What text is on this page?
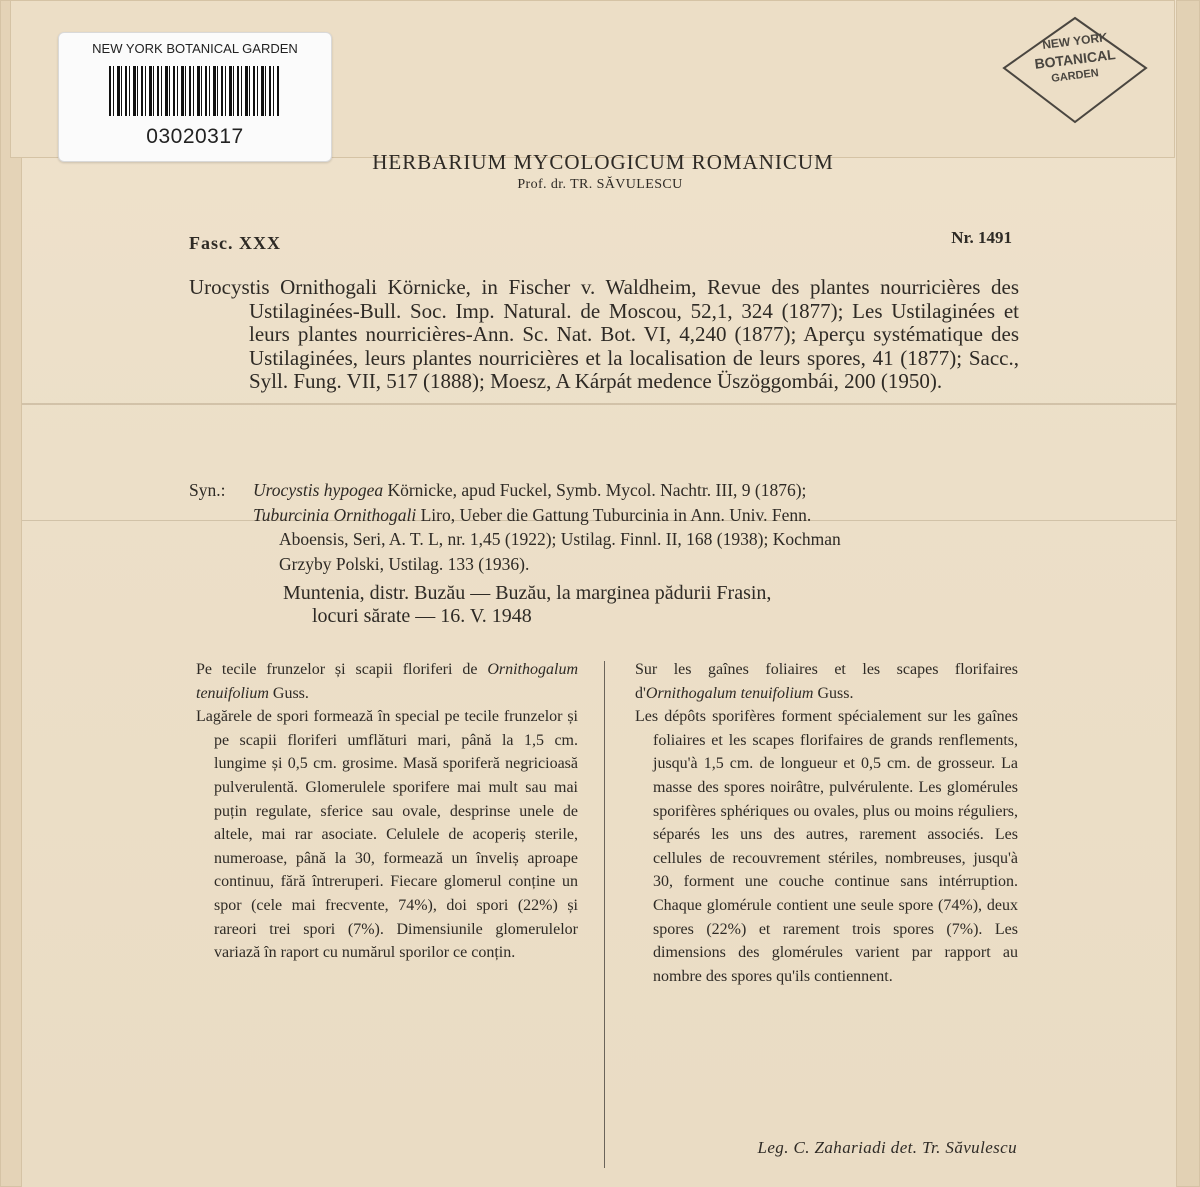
NEW YORK BOTANICAL GARDEN
03020317
NEW YORK
BOTANICAL
GARDEN
HERBARIUM MYCOLOGICUM ROMANICUM
Prof. dr. TR. SĂVULESCU
Fasc. XXX	Nr. 1491
Urocystis Ornithogali Körnicke, in Fischer v. Waldheim, Revue des plantes nourricières des Ustilaginées-Bull. Soc. Imp. Natural. de Moscou, 52,1, 324 (1877); Les Ustilaginées et leurs plantes nourricières-Ann. Sc. Nat. Bot. VI, 4,240 (1877); Aperçu systématique des Ustilaginées, leurs plantes nourricières et la localisation de leurs spores, 41 (1877); Sacc., Syll. Fung. VII, 517 (1888); Moesz, A Kárpát medence Üszöggombái, 200 (1950).
Syn.: Urocystis hypogea Körnicke, apud Fuckel, Symb. Mycol. Nachtr. III, 9 (1876);
Tuburcinia Ornithogali Liro, Ueber die Gattung Tuburcinia in Ann. Univ. Fenn.
Aboensis, Seri, A. T. L, nr. 1,45 (1922); Ustilag. Finnl. II, 168 (1938); Kochman
Grzyby Polski, Ustilag. 133 (1936).
Muntenia, distr. Buzău — Buzău, la marginea pădurii Frasin,
locuri sărate — 16. V. 1948

Pe tecile frunzelor și scapii floriferi de Ornithogalum tenuifolium Guss.

Lagărele de spori formează în special pe tecile frunzelor și pe scapii floriferi umflături mari, până la 1,5 cm. lungime și 0,5 cm. grosime. Masă sporiferă negricioasă pulverulentă. Glomerulele sporifere mai mult sau mai puțin regulate, sferice sau ovale, desprinse unele de altele, mai rar asociate. Celulele de acoperiș sterile, numeroase, până la 30, formează un înveliș aproape continuu, fără întreruperi. Fiecare glomerul conține un spor (cele mai frecvente, 74%), doi spori (22%) și rareori trei spori (7%). Dimensiunile glomerulelor variază în raport cu numărul sporilor ce conțin.

Sur les gaînes foliaires et les scapes florifaires d'Ornithogalum tenuifolium Guss.

Les dépôts sporifères forment spécialement sur les gaînes foliaires et les scapes florifaires de grands renflements, jusqu'à 1,5 cm. de longueur et 0,5 cm. de grosseur. La masse des spores noirâtre, pulvérulente. Les glomérules sporifères sphériques ou ovales, plus ou moins réguliers, séparés les uns des autres, rarement associés. Les cellules de recouvrement stériles, nombreuses, jusqu'à 30, forment une couche continue sans intérruption. Chaque glomérule contient une seule spore (74%), deux spores (22%) et rarement trois spores (7%). Les dimensions des glomérules varient par rapport au nombre des spores qu'ils contiennent.

Leg. C. Zahariadi det. Tr. Săvulescu
